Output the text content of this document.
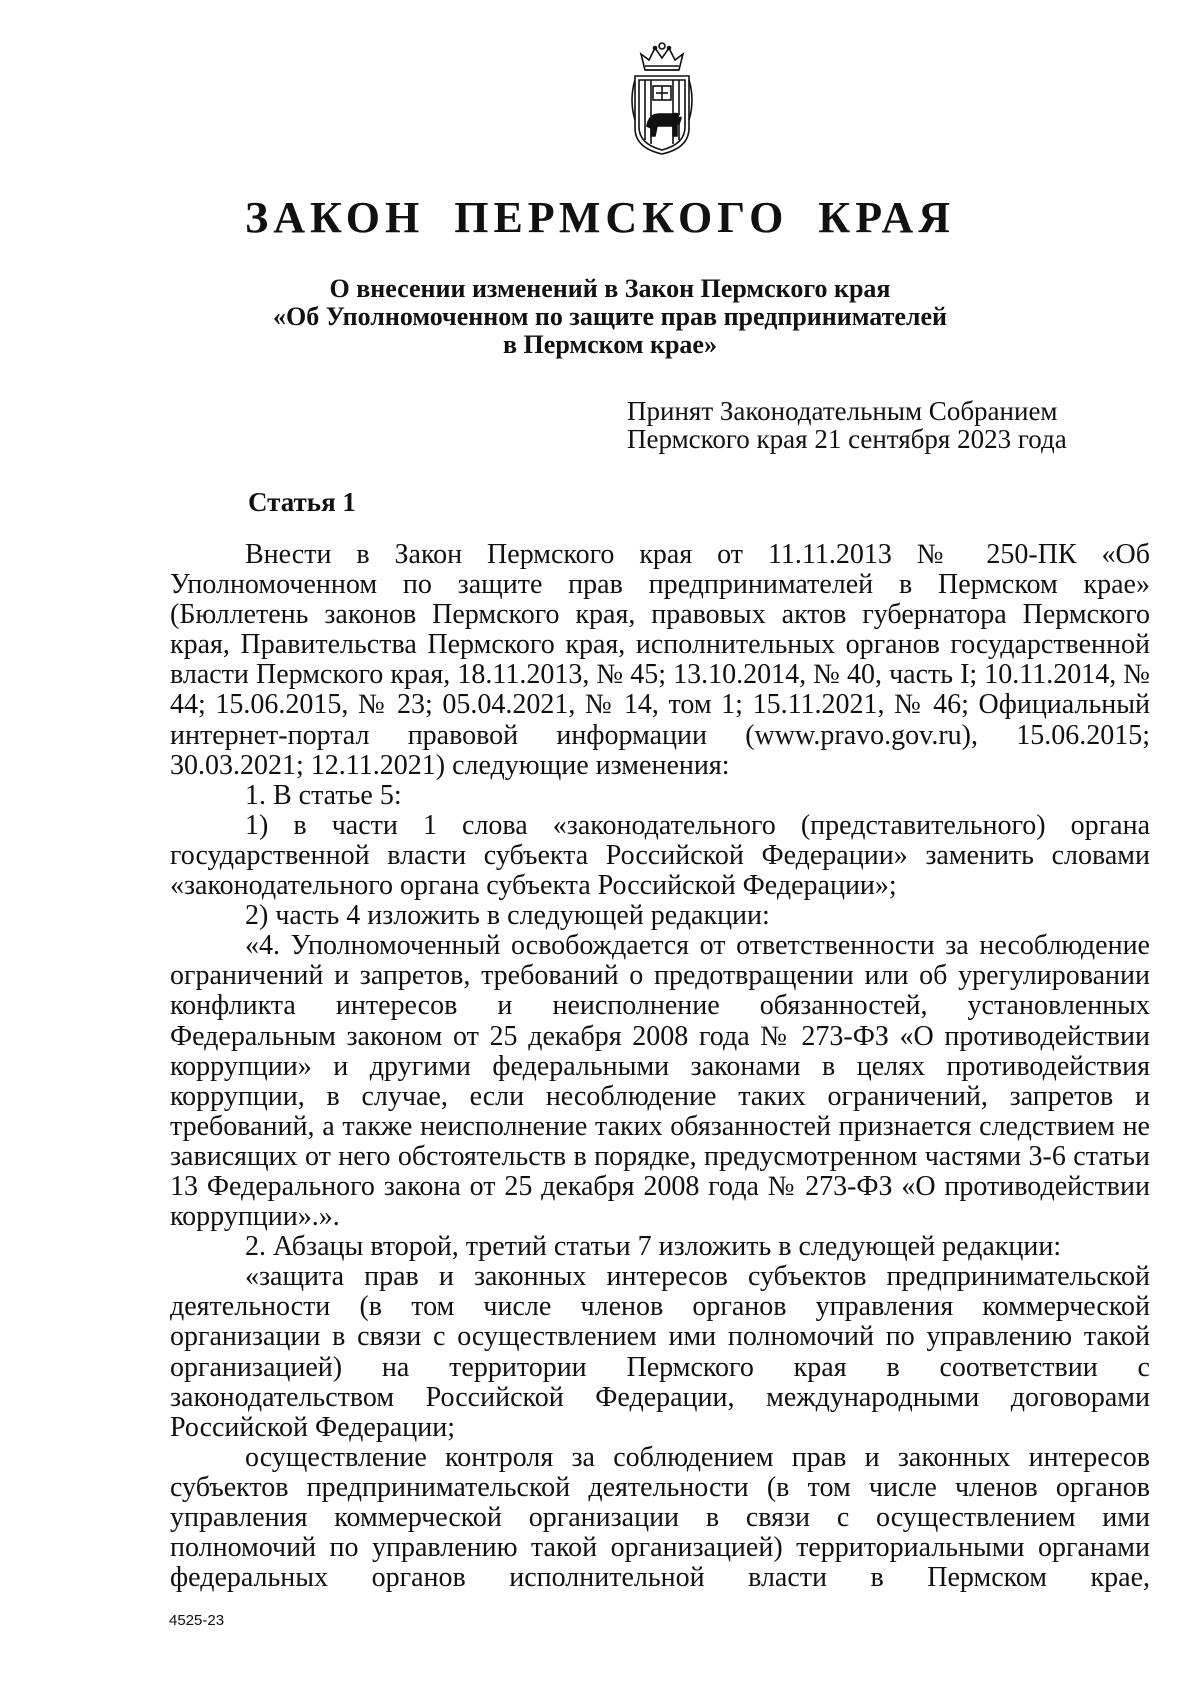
ЗАКОН ПЕРМСКОГО КРАЯ
О внесении изменений в Закон Пермского края
«Об Уполномоченном по защите прав предпринимателей
в Пермском крае»
Принят Законодательным Собранием
Пермского края 21 сентября 2023 года
Статья 1

Внести в Закон Пермского края от 11.11.2013 № 250-ПК «Об Уполномоченном по защите прав предпринимателей в Пермском крае» (Бюллетень законов Пермского края, правовых актов губернатора Пермского края, Правительства Пермского края, исполнительных органов государственной власти Пермского края, 18.11.2013, № 45; 13.10.2014, № 40, часть I; 10.11.2014, № 44; 15.06.2015, № 23; 05.04.2021, № 14, том 1; 15.11.2021, № 46; Официальный интернет-портал правовой информации (www.pravo.gov.ru), 15.06.2015; 30.03.2021; 12.11.2021) следующие изменения:

1. В статье 5:

1) в части 1 слова «законодательного (представительного) органа государственной власти субъекта Российской Федерации» заменить словами «законодательного органа субъекта Российской Федерации»;

2) часть 4 изложить в следующей редакции:

«4. Уполномоченный освобождается от ответственности за несоблюдение ограничений и запретов, требований о предотвращении или об урегулировании конфликта интересов и неисполнение обязанностей, установленных Федеральным законом от 25 декабря 2008 года № 273-ФЗ «О противодействии коррупции» и другими федеральными законами в целях противодействия коррупции, в случае, если несоблюдение таких ограничений, запретов и требований, а также неисполнение таких обязанностей признается следствием не зависящих от него обстоятельств в порядке, предусмотренном частями 3-6 статьи 13 Федерального закона от 25 декабря 2008 года № 273-ФЗ «О противодействии коррупции».».

2. Абзацы второй, третий статьи 7 изложить в следующей редакции:

«защита прав и законных интересов субъектов предпринимательской деятельности (в том числе членов органов управления коммерческой организации в связи с осуществлением ими полномочий по управлению такой организацией) на территории Пермского края в соответствии с законодательством Российской Федерации, международными договорами Российской Федерации;

осуществление контроля за соблюдением прав и законных интересов субъектов предпринимательской деятельности (в том числе членов органов управления коммерческой организации в связи с осуществлением ими полномочий по управлению такой организацией) территориальными органами федеральных органов исполнительной власти в Пермском крае,

4525-23
